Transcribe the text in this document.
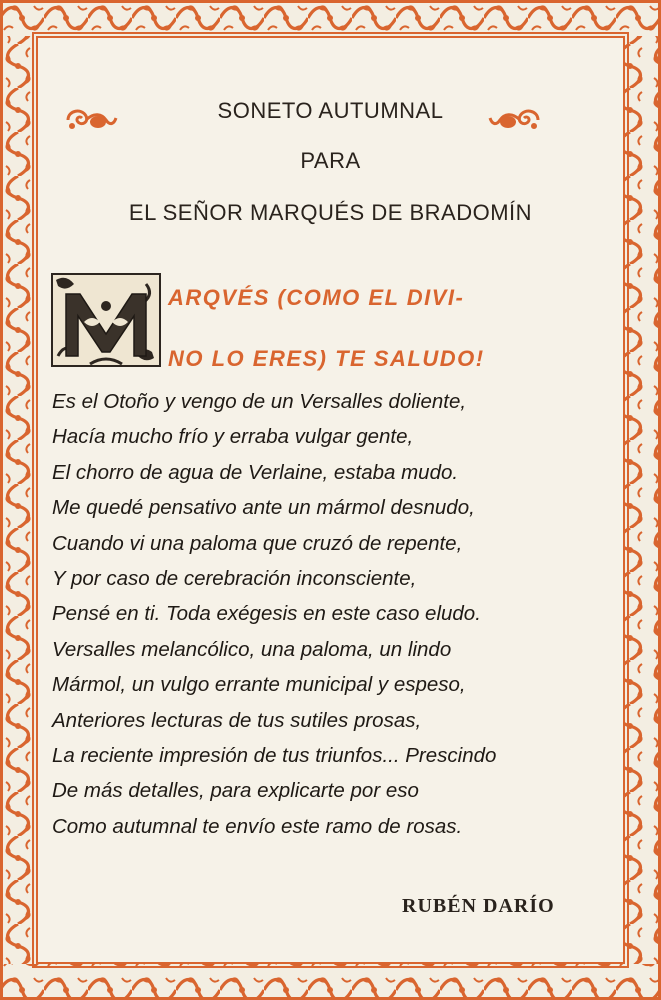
SONETO AUTUMNAL
PARA
EL SEÑOR MARQUÉS DE BRADOMÍN
ARQVÉS (COMO EL DIVI-
NO LO ERES) TE SALUDO!
Es el Otoño y vengo de un Versalles doliente,
Hacía mucho frío y erraba vulgar gente,
El chorro de agua de Verlaine, estaba mudo.
Me quedé pensativo ante un mármol desnudo,
Cuando vi una paloma que cruzó de repente,
Y por caso de cerebración inconsciente,
Pensé en ti. Toda exégesis en este caso eludo.
Versalles melancólico, una paloma, un lindo
Mármol, un vulgo errante municipal y espeso,
Anteriores lecturas de tus sutiles prosas,
La reciente impresión de tus triunfos... Prescindo
De más detalles, para explicarte por eso
Como autumnal te envío este ramo de rosas.
RUBÉN DARÍO
